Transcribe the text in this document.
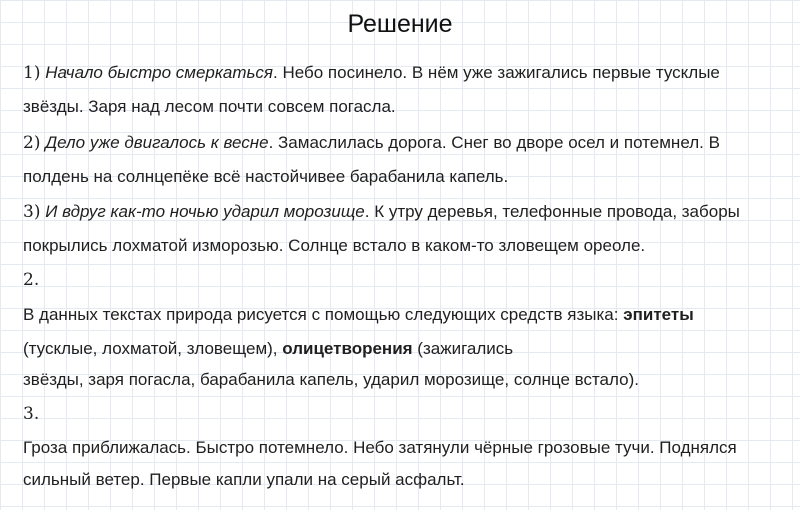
Решение
1) Начало быстро смеркаться. Небо посинело. В нём уже зажигались первые тусклые
звёзды. Заря над лесом почти совсем погасла.
2) Дело уже двигалось к весне. Замаслилась дорога. Снег во дворе осел и потемнел. В
полдень на солнцепёке всё настойчивее барабанила капель.
3) И вдруг как-то ночью ударил морозище. К утру деревья, телефонные провода, заборы
покрылись лохматой изморозью. Солнце встало в каком-то зловещем ореоле.
2.
В данных текстах природа рисуется с помощью следующих средств языка: эпитеты
(тусклые, лохматой, зловещем), олицетворения (зажигались
звёзды, заря погасла, барабанила капель, ударил морозище, солнце встало).
3.
Гроза приближалась. Быстро потемнело. Небо затянули чёрные грозовые тучи. Поднялся
сильный ветер. Первые капли упали на серый асфальт.
